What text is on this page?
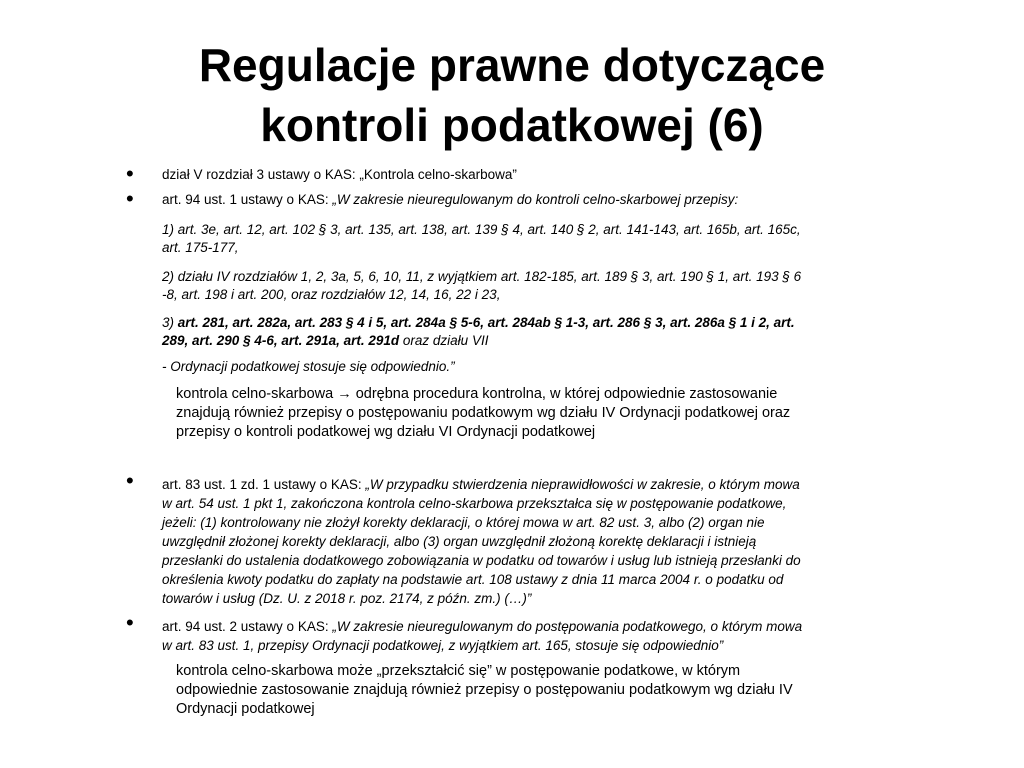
Regulacje prawne dotyczące
kontroli podatkowej (6)
• dział V rozdział 3 ustawy o KAS: „Kontrola celno-skarbowa”
• art. 94 ust. 1 ustawy o KAS: „W zakresie nieuregulowanym do kontroli celno-skarbowej przepisy:
1) art. 3e, art. 12, art. 102 § 3, art. 135, art. 138, art. 139 § 4, art. 140 § 2, art. 141-143, art. 165b, art. 165c,
art. 175-177,
2) działu IV rozdziałów 1, 2, 3a, 5, 6, 10, 11, z wyjątkiem art. 182-185, art. 189 § 3, art. 190 § 1, art. 193 § 6
-8, art. 198 i art. 200, oraz rozdziałów 12, 14, 16, 22 i 23,
3) art. 281, art. 282a, art. 283 § 4 i 5, art. 284a § 5-6, art. 284ab § 1-3, art. 286 § 3, art. 286a § 1 i 2, art.
289, art. 290 § 4-6, art. 291a, art. 291d oraz działu VII
- Ordynacji podatkowej stosuje się odpowiednio.”
kontrola celno-skarbowa → odrębna procedura kontrolna, w której odpowiednie zastosowanie
znajdują również przepisy o postępowaniu podatkowym wg działu IV Ordynacji podatkowej oraz
przepisy o kontroli podatkowej wg działu VI Ordynacji podatkowej
• art. 83 ust. 1 zd. 1 ustawy o KAS: „W przypadku stwierdzenia nieprawidłowości w zakresie, o którym mowa
w art. 54 ust. 1 pkt 1, zakończona kontrola celno-skarbowa przekształca się w postępowanie podatkowe,
jeżeli: (1) kontrolowany nie złożył korekty deklaracji, o której mowa w art. 82 ust. 3, albo (2) organ nie
uwzględnił złożonej korekty deklaracji, albo (3) organ uwzględnił złożoną korektę deklaracji i istnieją
przesłanki do ustalenia dodatkowego zobowiązania w podatku od towarów i usług lub istnieją przesłanki do
określenia kwoty podatku do zapłaty na podstawie art. 108 ustawy z dnia 11 marca 2004 r. o podatku od
towarów i usług (Dz. U. z 2018 r. poz. 2174, z późn. zm.) (…)”
• art. 94 ust. 2 ustawy o KAS: „W zakresie nieuregulowanym do postępowania podatkowego, o którym mowa
w art. 83 ust. 1, przepisy Ordynacji podatkowej, z wyjątkiem art. 165, stosuje się odpowiednio”
kontrola celno-skarbowa może „przekształcić się” w postępowanie podatkowe, w którym
odpowiednie zastosowanie znajdują również przepisy o postępowaniu podatkowym wg działu IV
Ordynacji podatkowej
